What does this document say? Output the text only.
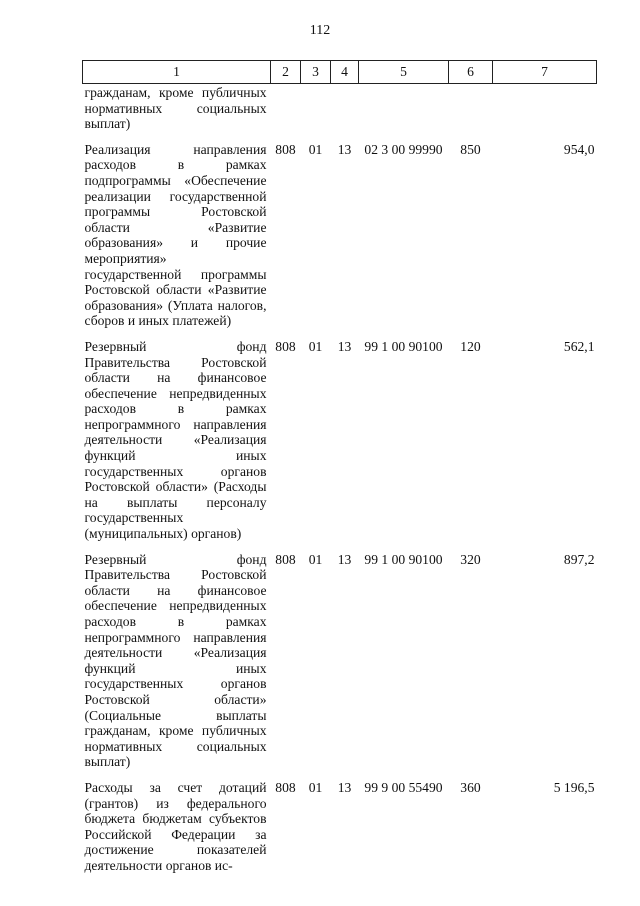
112
1	2	3	4	5	6	7
гражданам, кроме публичных нормативных социальных выплат)						
Реализация направления расходов в рамках подпрограммы «Обеспечение реализации государственной программы Ростовской области «Развитие образования» и прочие мероприятия» государственной программы Ростовской области «Развитие образования» (Уплата налогов, сборов и иных платежей)	808	01	13	02 3 00 99990	850	954,0
Резервный фонд Правительства Ростовской области на финансовое обеспечение непредвиденных расходов в рамках непрограммного направления деятельности «Реализация функций иных государственных органов Ростовской области» (Расходы на выплаты персоналу государственных (муниципальных) органов)	808	01	13	99 1 00 90100	120	562,1
Резервный фонд Правительства Ростовской области на финансовое обеспечение непредвиденных расходов в рамках непрограммного направления деятельности «Реализация функций иных государственных органов Ростовской области» (Социальные выплаты гражданам, кроме публичных нормативных социальных выплат)	808	01	13	99 1 00 90100	320	897,2
Расходы за счет дотаций (грантов) из федерального бюджета бюджетам субъектов Российской Федерации за достижение показателей деятельности органов ис-	808	01	13	99 9 00 55490	360	5 196,5
